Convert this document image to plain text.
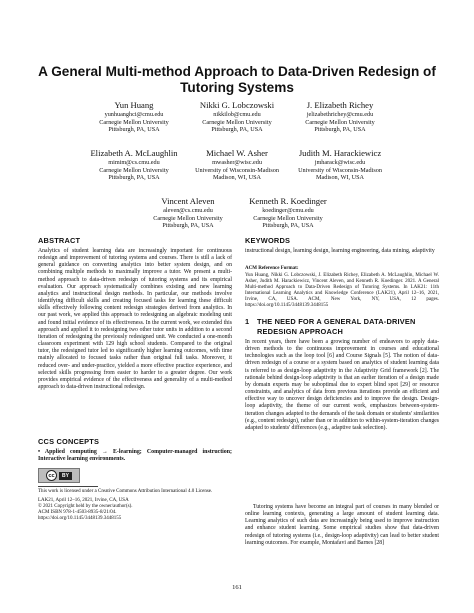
A General Multi-method Approach to Data-Driven Redesign of Tutoring Systems
Yun Huang
yunhuanghci@cmu.edu
Carnegie Mellon University
Pittsburgh, PA, USA
Nikki G. Lobczowski
nikkilob@cmu.edu
Carnegie Mellon University
Pittsburgh, PA, USA
J. Elizabeth Richey
jelizabethrichey@cmu.edu
Carnegie Mellon University
Pittsburgh, PA, USA
Elizabeth A. McLaughlin
mimim@cs.cmu.edu
Carnegie Mellon University
Pittsburgh, PA, USA
Michael W. Asher
mwasher@wisc.edu
University of Wisconsin-Madison
Madison, WI, USA
Judith M. Harackiewicz
jmharack@wisc.edu
University of Wisconsin-Madison
Madison, WI, USA
Vincent Aleven
aleven@cs.cmu.edu
Carnegie Mellon University
Pittsburgh, PA, USA
Kenneth R. Koedinger
koedinger@cmu.edu
Carnegie Mellon University
Pittsburgh, PA, USA
ABSTRACT
Analytics of student learning data are increasingly important for continuous redesign and improvement of tutoring systems and courses. There is still a lack of general guidance on converting analytics into better system design, and on combining multiple methods to maximally improve a tutor. We present a multi-method approach to data-driven redesign of tutoring systems and its empirical evaluation. Our approach systematically combines existing and new learning analytics and instructional design methods. In particular, our methods involve identifying difficult skills and creating focused tasks for learning these difficult skills effectively following content redesign strategies derived from analytics. In our past work, we applied this approach to redesigning an algebraic modeling unit and found initial evidence of its effectiveness. In the current work, we extended this approach and applied it to redesigning two other tutor units in addition to a second iteration of redesigning the previously redesigned unit. We conducted a one-month classroom experiment with 129 high school students. Compared to the original tutor, the redesigned tutor led to significantly higher learning outcomes, with time mainly allocated to focused tasks rather than original full tasks. Moreover, it reduced over- and under-practice, yielded a more effective practice experience, and selected skills progressing from easier to harder to a greater degree. Our work provides empirical evidence of the effectiveness and generality of a multi-method approach to data-driven instructional redesign.
CCS CONCEPTS
• Applied computing → E-learning; Computer-managed instruction; Interactive learning environments.
cc	BY
This work is licensed under a Creative Commons Attribution International 4.0 License.
LAK21, April 12–16, 2021, Irvine, CA, USA
© 2021 Copyright held by the owner/author(s).
ACM ISBN 978-1-4503-8935-8/21/04.
https://doi.org/10.1145/3448139.3448155
KEYWORDS
instructional design, learning design, learning engineering, data mining, adaptivity
ACM Reference Format:
Yun Huang, Nikki G. Lobczowski, J. Elizabeth Richey, Elizabeth A. McLaughlin, Michael W. Asher, Judith M. Harackiewicz, Vincent Aleven, and Kenneth R. Koedinger. 2021. A General Multi-method Approach to Data-Driven Redesign of Tutoring Systems. In LAK21: 11th International Learning Analytics and Knowledge Conference (LAK21), April 12–16, 2021, Irvine, CA, USA. ACM, New York, NY, USA, 12 pages. https://doi.org/10.1145/3448139.3448155
1 THE NEED FOR A GENERAL DATA-DRIVEN
REDESIGN APPROACH
In recent years, there have been a growing number of endeavors to apply data-driven methods to the continuous improvement in courses and educational technologies such as the loop tool [6] and Course Signals [5]. The notion of data-driven redesign of a course or a system based on analytics of student learning data is referred to as design-loop adaptivity in the Adaptivity Grid framework [2]. The rationale behind design-loop adaptivity is that an earlier iteration of a design made by domain experts may be suboptimal due to expert blind spot [29] or resource constraints, and analytics of data from previous iterations provide an efficient and effective way to uncover design deficiencies and to improve the design. Design-loop adaptivity, the theme of our current work, emphasizes between-system-iteration changes adapted to the demands of the task domain or students' similarities (e.g., content redesign), rather than or in addition to within-system-iteration changes adapted to students' differences (e.g., adaptive task selection).
Tutoring systems have become an integral part of courses in many blended or online learning contexts, generating a large amount of student learning data. Learning analytics of such data are increasingly being used to improve instruction and enhance student learning. Some empirical studies show that data-driven redesign of tutoring systems (i.e., design-loop adaptivity) can lead to better student learning outcomes. For example, Montafavi and Barnes [28]
161
